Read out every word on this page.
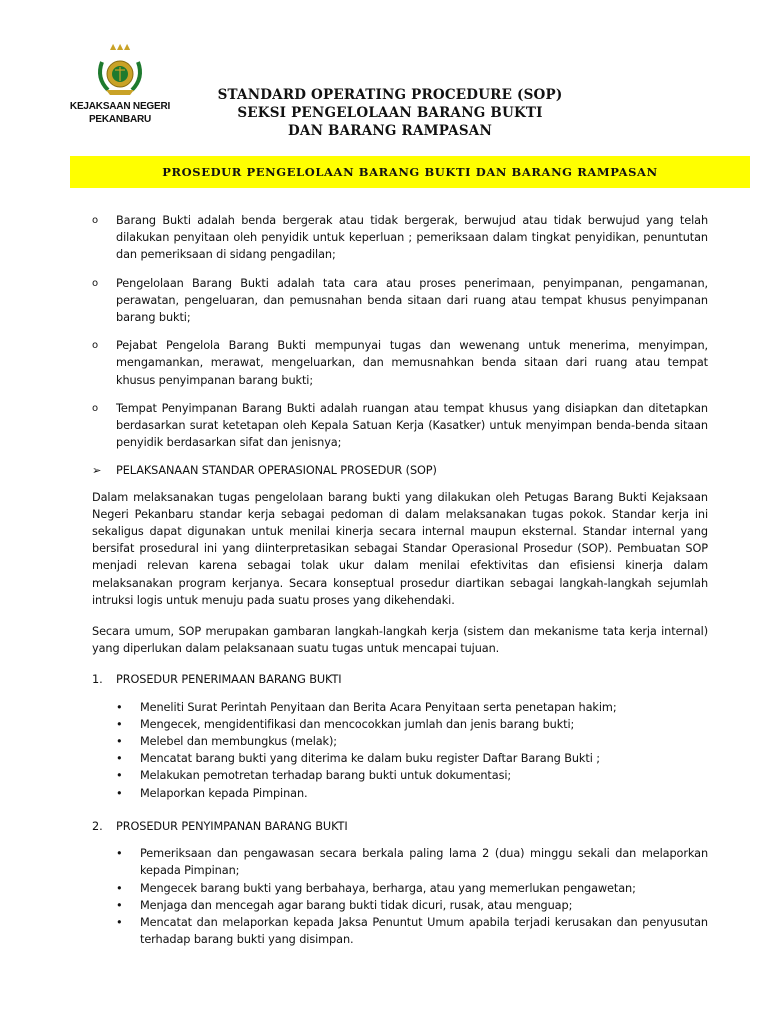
▲ ▲ ▲
KEJAKSAAN NEGERI
PEKANBARU
STANDARD OPERATING PROCEDURE (SOP)
SEKSI PENGELOLAAN BARANG BUKTI
DAN BARANG RAMPASAN
PROSEDUR PENGELOLAAN BARANG BUKTI DAN BARANG RAMPASAN
o Barang Bukti adalah benda bergerak atau tidak bergerak, berwujud atau tidak berwujud yang telah dilakukan penyitaan oleh penyidik untuk keperluan ; pemeriksaan dalam tingkat penyidikan, penuntutan dan pemeriksaan di sidang pengadilan;
o Pengelolaan Barang Bukti adalah tata cara atau proses penerimaan, penyimpanan, pengamanan, perawatan, pengeluaran, dan pemusnahan benda sitaan dari ruang atau tempat khusus penyimpanan barang bukti;
o Pejabat Pengelola Barang Bukti mempunyai tugas dan wewenang untuk menerima, menyimpan, mengamankan, merawat, mengeluarkan, dan memusnahkan benda sitaan dari ruang atau tempat khusus penyimpanan barang bukti;
o Tempat Penyimpanan Barang Bukti adalah ruangan atau tempat khusus yang disiapkan dan ditetapkan berdasarkan surat ketetapan oleh Kepala Satuan Kerja (Kasatker) untuk menyimpan benda-benda sitaan penyidik berdasarkan sifat dan jenisnya;
➢ PELAKSANAAN STANDAR OPERASIONAL PROSEDUR (SOP)
Dalam melaksanakan tugas pengelolaan barang bukti yang dilakukan oleh Petugas Barang Bukti Kejaksaan Negeri Pekanbaru standar kerja sebagai pedoman di dalam melaksanakan tugas pokok. Standar kerja ini sekaligus dapat digunakan untuk menilai kinerja secara internal maupun eksternal. Standar internal yang bersifat prosedural ini yang diinterpretasikan sebagai Standar Operasional Prosedur (SOP). Pembuatan SOP menjadi relevan karena sebagai tolak ukur dalam menilai efektivitas dan efisiensi kinerja dalam melaksanakan program kerjanya. Secara konseptual prosedur diartikan sebagai langkah-langkah sejumlah intruksi logis untuk menuju pada suatu proses yang dikehendaki.
Secara umum, SOP merupakan gambaran langkah-langkah kerja (sistem dan mekanisme tata kerja internal) yang diperlukan dalam pelaksanaan suatu tugas untuk mencapai tujuan.
1. PROSEDUR PENERIMAAN BARANG BUKTI
• Meneliti Surat Perintah Penyitaan dan Berita Acara Penyitaan serta penetapan hakim;
• Mengecek, mengidentifikasi dan mencocokkan jumlah dan jenis barang bukti;
• Melebel dan membungkus (melak);
• Mencatat barang bukti yang diterima ke dalam buku register Daftar Barang Bukti ;
• Melakukan pemotretan terhadap barang bukti untuk dokumentasi;
• Melaporkan kepada Pimpinan.
2. PROSEDUR PENYIMPANAN BARANG BUKTI
• Pemeriksaan dan pengawasan secara berkala paling lama 2 (dua) minggu sekali dan melaporkan kepada Pimpinan;
• Mengecek barang bukti yang berbahaya, berharga, atau yang memerlukan pengawetan;
• Menjaga dan mencegah agar barang bukti tidak dicuri, rusak, atau menguap;
• Mencatat dan melaporkan kepada Jaksa Penuntut Umum apabila terjadi kerusakan dan penyusutan terhadap barang bukti yang disimpan.
